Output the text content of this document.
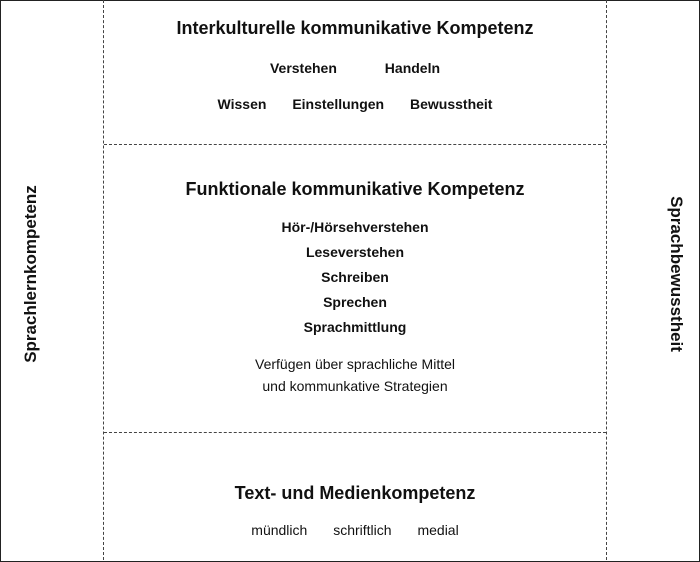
Sprachlernkompetenz	Sprachbewusstheit
Interkulturelle kommunikative Kompetenz
Verstehen	Handeln
Wissen Einstellungen Bewusstheit
Funktionale kommunikative Kompetenz
Hör-/Hörsehverstehen
Leseverstehen
Schreiben
Sprechen
Sprachmittlung
Verfügen über sprachliche Mittel
und kommunkative Strategien
Text- und Medienkompetenz
mündlich schriftlich medial
